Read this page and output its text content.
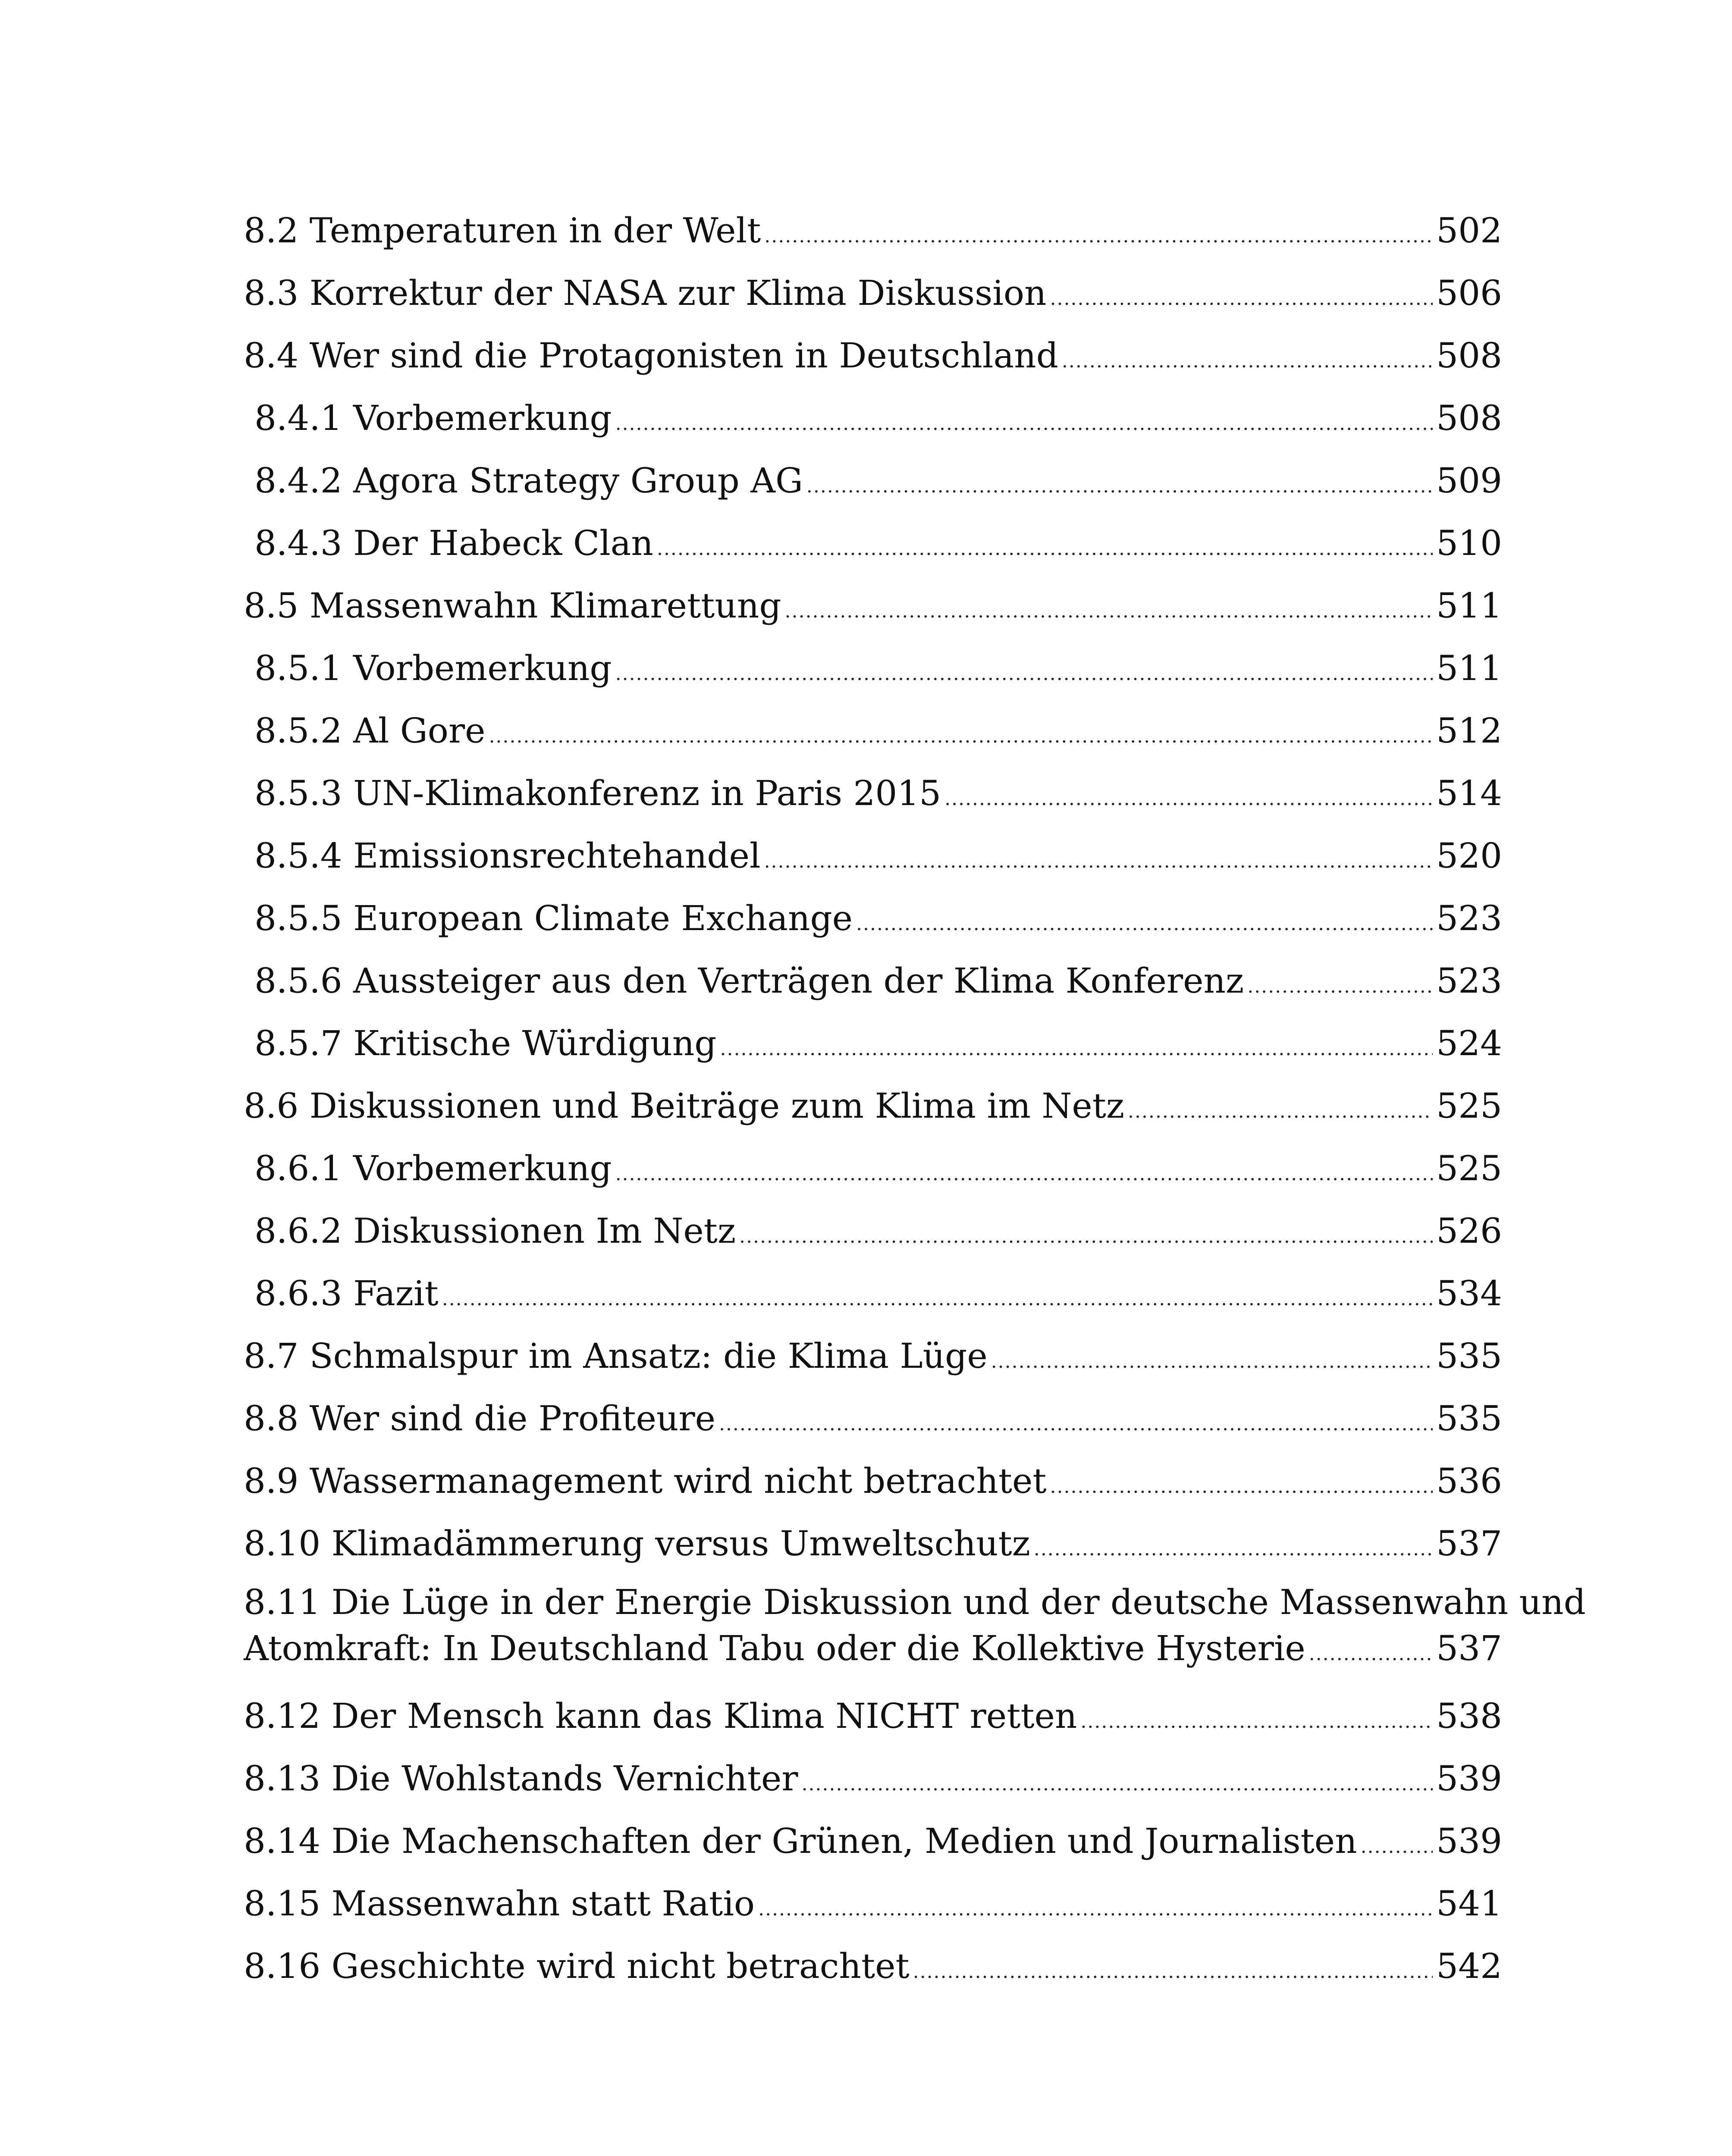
8.2 Temperaturen in der Welt .....	502
8.3 Korrektur der NASA zur Klima Diskussion .....	506
8.4 Wer sind die Protagonisten in Deutschland .....	508
8.4.1 Vorbemerkung .....	508
8.4.2 Agora Strategy Group AG .....	509
8.4.3 Der Habeck Clan .....	510
8.5 Massenwahn Klimarettung .....	511
8.5.1 Vorbemerkung .....	511
8.5.2 Al Gore .....	512
8.5.3 UN-Klimakonferenz in Paris 2015 .....	514
8.5.4 Emissionsrechtehandel .....	520
8.5.5 European Climate Exchange .....	523
8.5.6 Aussteiger aus den Verträgen der Klima Konferenz .....	523
8.5.7 Kritische Würdigung .....	524
8.6 Diskussionen und Beiträge zum Klima im Netz .....	525
8.6.1 Vorbemerkung .....	525
8.6.2 Diskussionen Im Netz .....	526
8.6.3 Fazit .....	534
8.7 Schmalspur im Ansatz: die Klima Lüge .....	535
8.8 Wer sind die Profiteure .....	535
8.9 Wassermanagement wird nicht betrachtet .....	536
8.10 Klimadämmerung versus Umweltschutz .....	537
8.11 Die Lüge in der Energie Diskussion und der deutsche Massenwahn und
Atomkraft: In Deutschland Tabu oder die Kollektive Hysterie .....	537
8.12 Der Mensch kann das Klima NICHT retten .....	538
8.13 Die Wohlstands Vernichter .....	539
8.14 Die Machenschaften der Grünen, Medien und Journalisten ..... 539
8.15 Massenwahn statt Ratio .....	541
8.16 Geschichte wird nicht betrachtet .....	542
